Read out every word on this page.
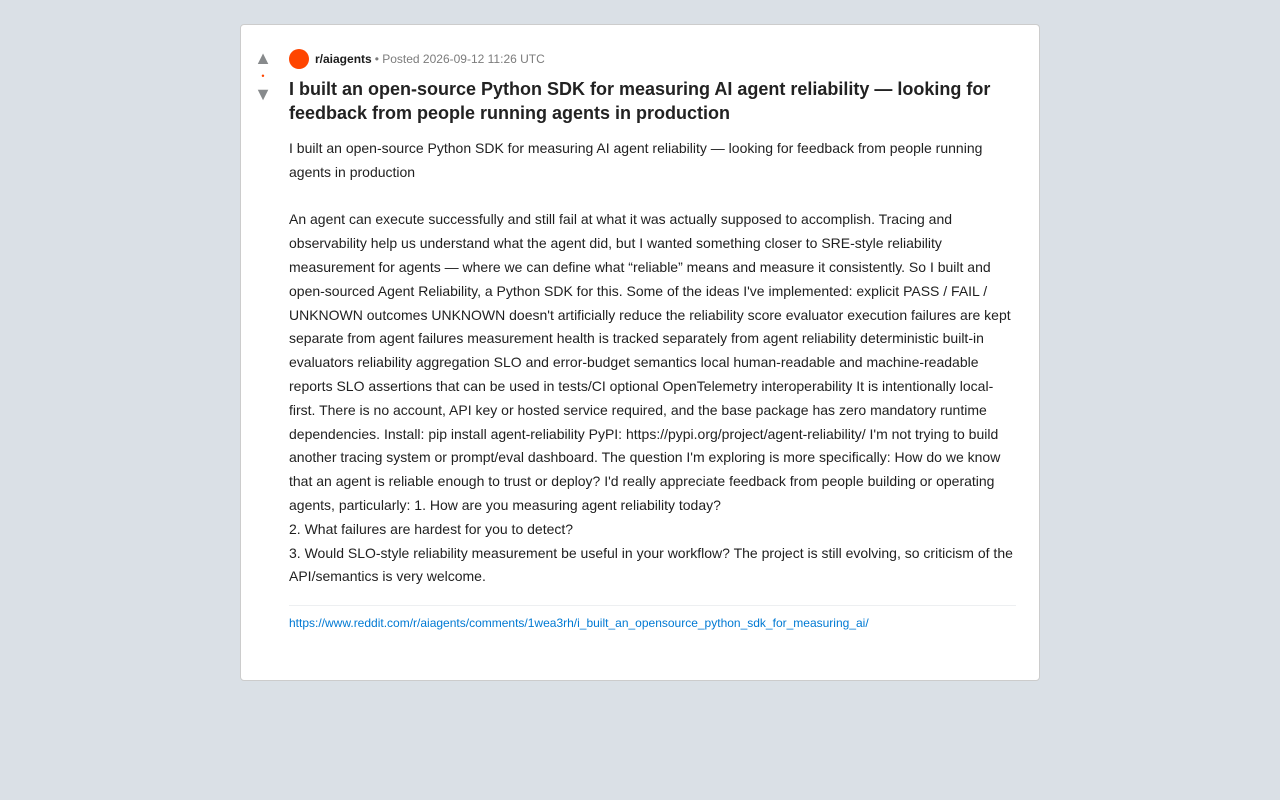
▲
•
▼
r/aiagents • Posted 2026-09-12 11:26 UTC
I built an open-source Python SDK for measuring AI agent reliability — looking for feedback from people running agents in production

I built an open-source Python SDK for measuring AI agent reliability — looking for feedback from people running agents in production

An agent can execute successfully and still fail at what it was actually supposed to accomplish. Tracing and observability help us understand what the agent did, but I wanted something closer to SRE-style reliability measurement for agents — where we can define what “reliable” means and measure it consistently. So I built and open-sourced Agent Reliability, a Python SDK for this. Some of the ideas I've implemented: explicit PASS / FAIL / UNKNOWN outcomes UNKNOWN doesn't artificially reduce the reliability score evaluator execution failures are kept separate from agent failures measurement health is tracked separately from agent reliability deterministic built-in evaluators reliability aggregation SLO and error-budget semantics local human-readable and machine-readable reports SLO assertions that can be used in tests/CI optional OpenTelemetry interoperability It is intentionally local-first. There is no account, API key or hosted service required, and the base package has zero mandatory runtime dependencies. Install: pip install agent-reliability PyPI: https://pypi.org/project/agent-reliability/ I'm not trying to build another tracing system or prompt/eval dashboard. The question I'm exploring is more specifically: How do we know that an agent is reliable enough to trust or deploy? I'd really appreciate feedback from people building or operating agents, particularly: 1. How are you measuring agent reliability today?

2. What failures are hardest for you to detect?

3. Would SLO-style reliability measurement be useful in your workflow? The project is still evolving, so criticism of the API/semantics is very welcome.

https://www.reddit.com/r/aiagents/comments/1wea3rh/i_built_an_opensource_python_sdk_for_measuring_ai/
